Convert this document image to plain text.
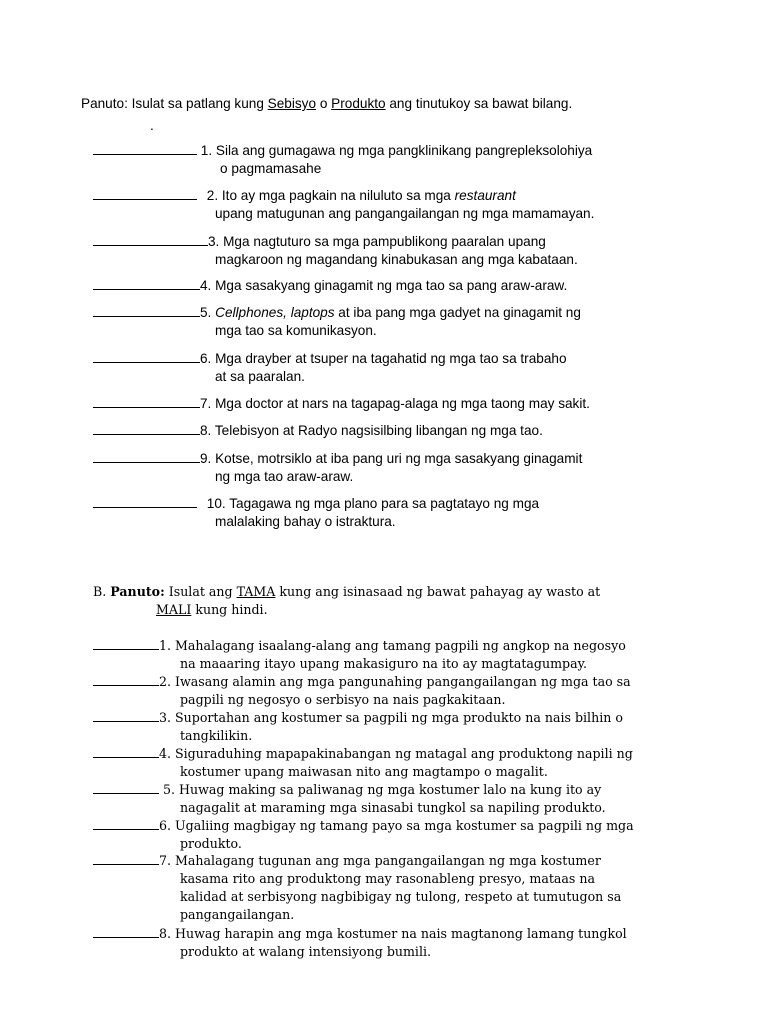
Panuto: Isulat sa patlang kung Sebisyo o Produkto ang tinutukoy sa bawat bilang.
.
1. Sila ang gumagawa ng mga pangklinikang pangrepleksolohiya
o pagmamasahe
2. Ito ay mga pagkain na niluluto sa mga restaurant
upang matugunan ang pangangailangan ng mga mamamayan.
3. Mga nagtuturo sa mga pampublikong paaralan upang
magkaroon ng magandang kinabukasan ang mga kabataan.
4. Mga sasakyang ginagamit ng mga tao sa pang araw-araw.
5. Cellphones, laptops at iba pang mga gadyet na ginagamit ng
mga tao sa komunikasyon.
6. Mga drayber at tsuper na tagahatid ng mga tao sa trabaho
at sa paaralan.
7. Mga doctor at nars na tagapag-alaga ng mga taong may sakit.
8. Telebisyon at Radyo nagsisilbing libangan ng mga tao.
9. Kotse, motrsiklo at iba pang uri ng mga sasakyang ginagamit
ng mga tao araw-araw.
10. Tagagawa ng mga plano para sa pagtatayo ng mga
malalaking bahay o istraktura.
B. Panuto: Isulat ang TAMA kung ang isinasaad ng bawat pahayag ay wasto at
MALI kung hindi.
1. Mahalagang isaalang-alang ang tamang pagpili ng angkop na negosyo
na maaaring itayo upang makasiguro na ito ay magtatagumpay.
2. Iwasang alamin ang mga pangunahing pangangailangan ng mga tao sa
pagpili ng negosyo o serbisyo na nais pagkakitaan.
3. Suportahan ang kostumer sa pagpili ng mga produkto na nais bilhin o
tangkilikin.
4. Siguraduhing mapapakinabangan ng matagal ang produktong napili ng
kostumer upang maiwasan nito ang magtampo o magalit.
5. Huwag making sa paliwanag ng mga kostumer lalo na kung ito ay
nagagalit at maraming mga sinasabi tungkol sa napiling produkto.
6. Ugaliing magbigay ng tamang payo sa mga kostumer sa pagpili ng mga
produkto.
7. Mahalagang tugunan ang mga pangangailangan ng mga kostumer
kasama rito ang produktong may rasonableng presyo, mataas na
kalidad at serbisyong nagbibigay ng tulong, respeto at tumutugon sa
pangangailangan.
8. Huwag harapin ang mga kostumer na nais magtanong lamang tungkol
produkto at walang intensiyong bumili.
